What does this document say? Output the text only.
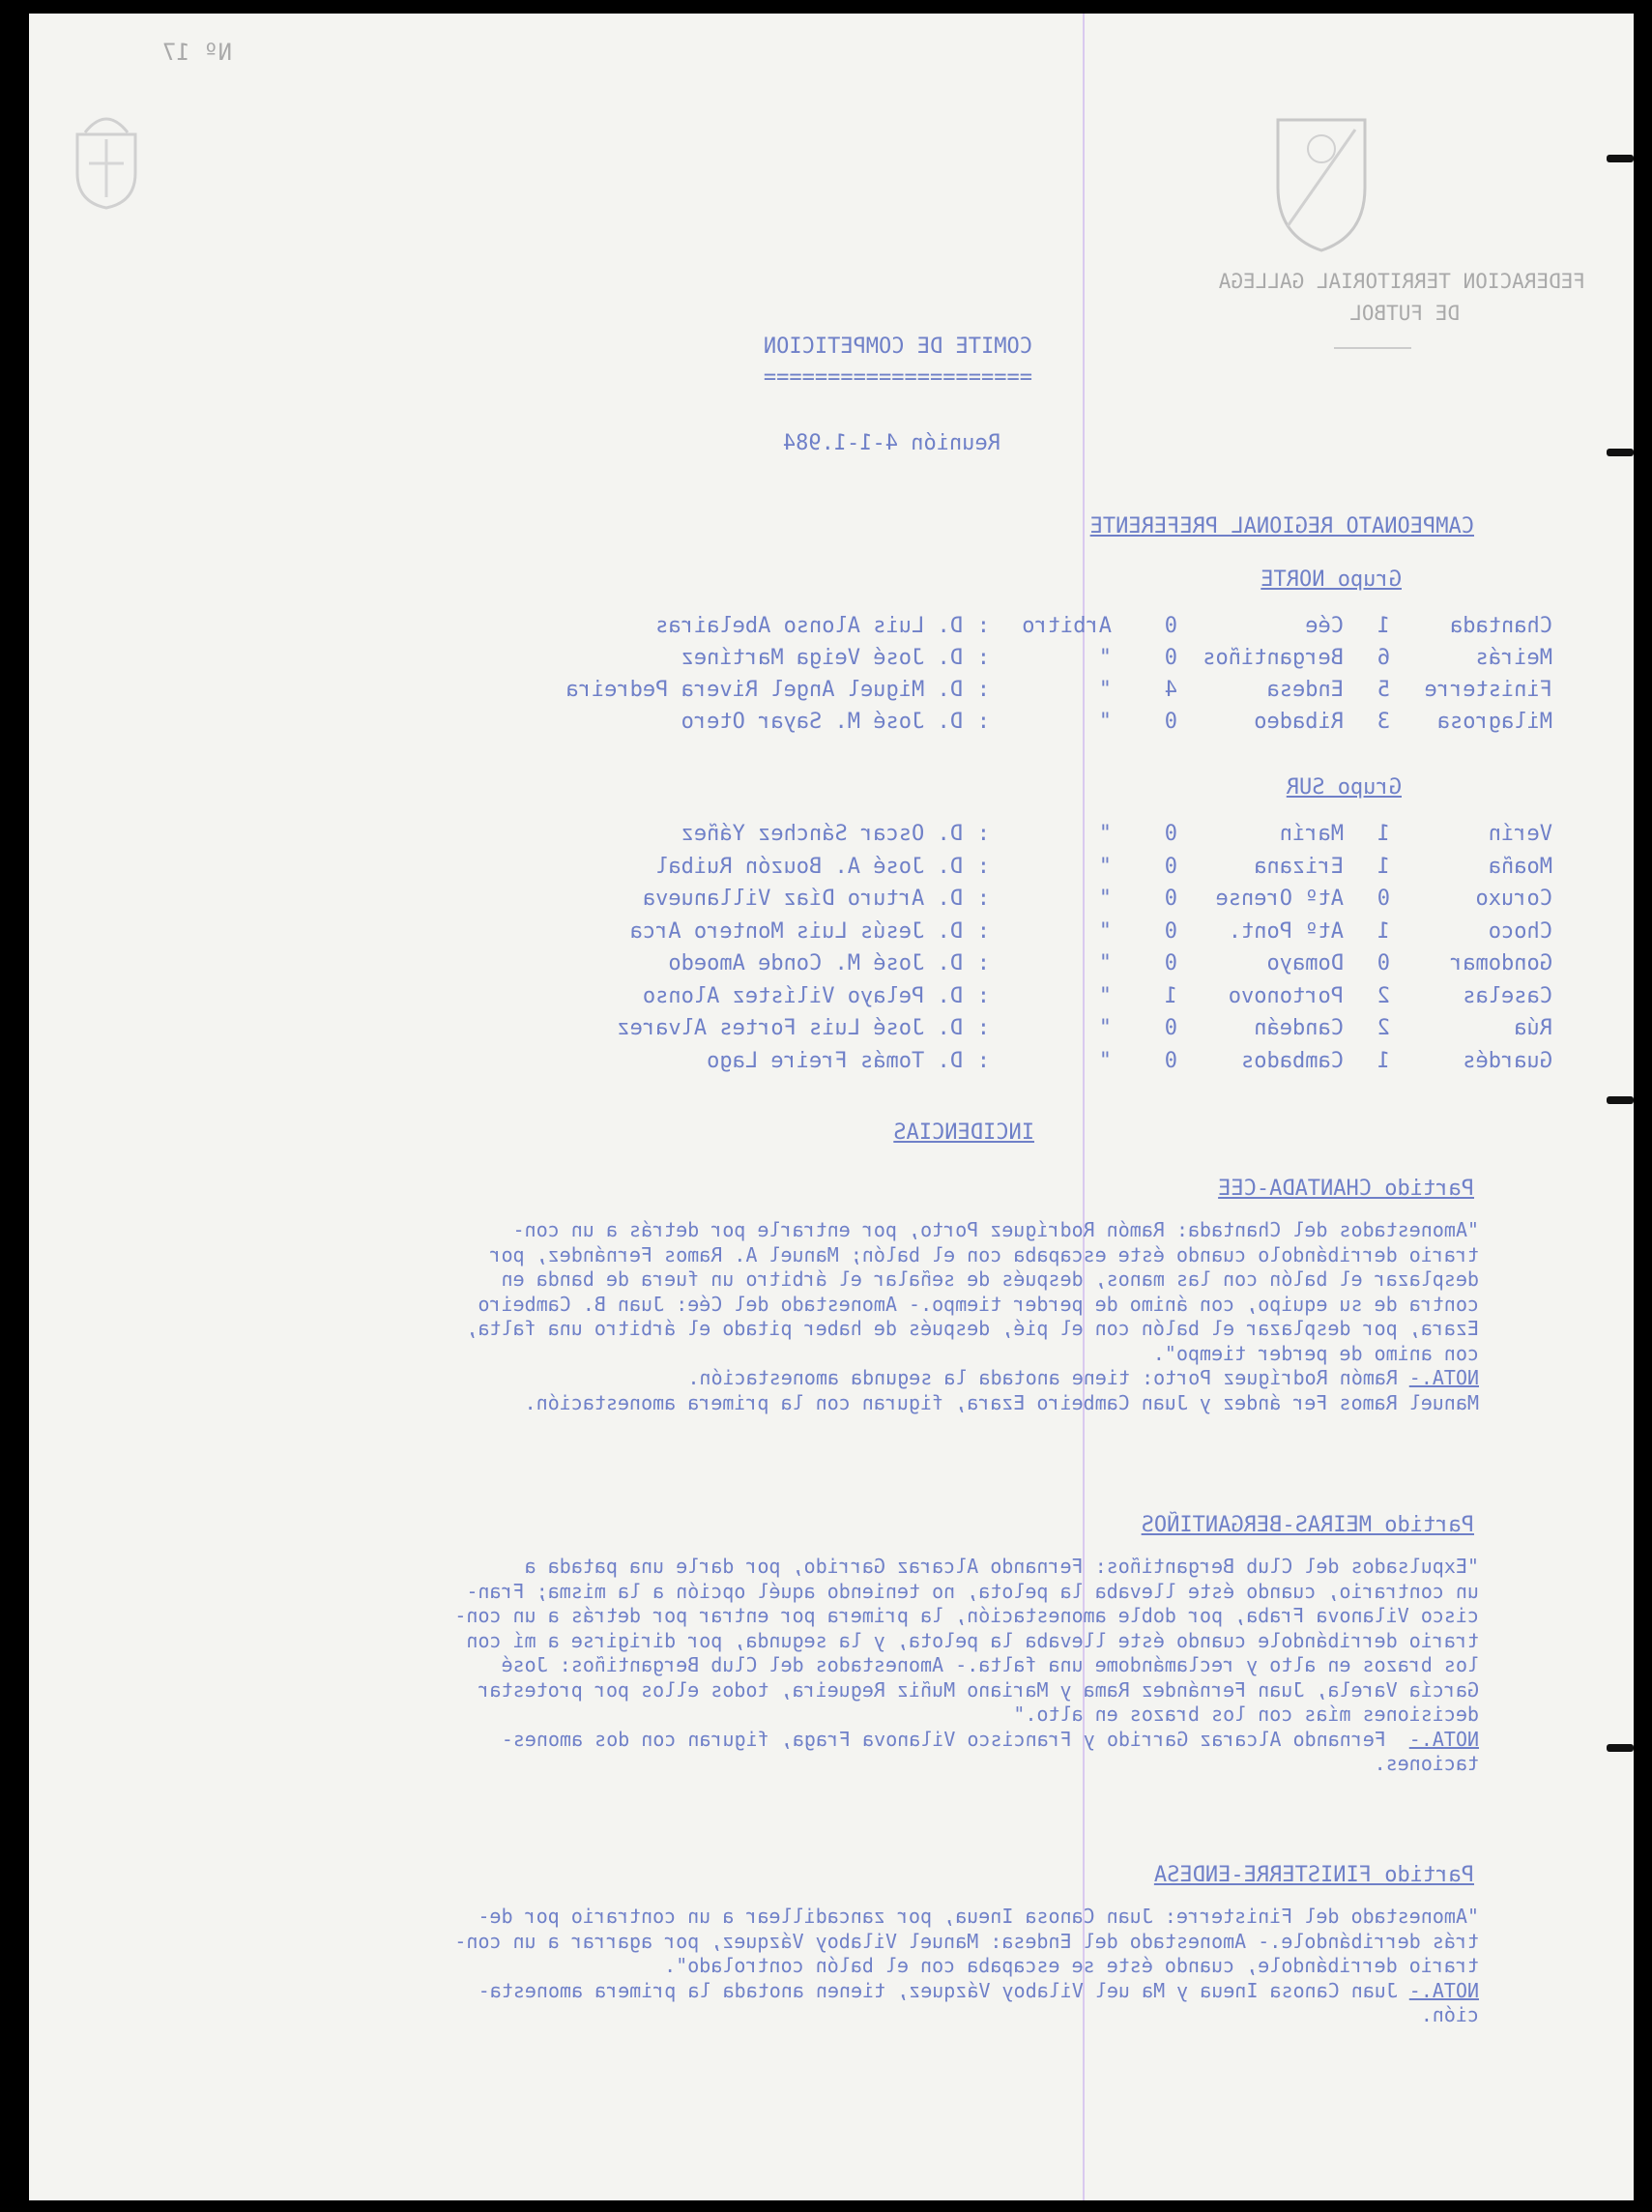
FEDERACION TERRITORIAL GALLEGA
DE FUTBOL
Nº 17
COMITE DE COMPETICION
=====================
Reunión 4-1-1.984
CAMPEONATO REGIONAL PREFERENTE
Grupo NORTE
Chantada
1
Cée
0
Arbitro
:
D. Luis Alonso Abelairas
Meirás
6
Bergantiños
0
"
:
D. José Veiga Martínez
Finisterre
5
Endesa
4
"
:
D. Miguel Angel Rivera Pedreira
Milagrosa
3
Ribadeo
0
"
:
D. José M. Sayar Otero
Grupo SUR
Verín
1
Marín
0
"
:
D. Oscar Sánchez Yáñez
Moaña
1
Erizana
0
"
:
D. José A. Bouzón Ruibal
Coruxo
0
Atº Orense
0
"
:
D. Arturo Díaz Villanueva
Choco
1
Atº Pont.
0
"
:
D. Jesús Luis Montero Arca
Gondomar
0
Domayo
0
"
:
D. José M. Conde Amoedo
Caselas
2
Portonovo
1
"
:
D. Pelayo Vilístez Alonso
Rúa
2
Candeán
0
"
:
D. José Luis Fortes Alvarez
Guardés
1
Cambados
0
"
:
D. Tomás Freire Lago
INCIDENCIAS
Partido CHANTADA-CEE
"Amonestados del Chantada: Ramón Rodríguez Porto, por entrarle por detrás a un con-
trario derribándolo cuando éste escapaba con el balón; Manuel A. Ramos Fernández, por
desplazar el balón con las manos, después de señalar el árbitro un fuera de banda en
contra de su equipo, con ánimo de perder tiempo.- Amonestado del Cée: Juan B. Cambeiro
Ezara, por desplazar el balón con el pié, después de haber pitado el árbitro una falta,
con animo de perder tiempo".
NOTA.-
Ramón Rodríguez Porto: tiene anotada la segunda amonestación.
Manuel Ramos Fer ández y Juan Cambeiro Ezara, figuran con la primera amonestación.
Partido MEIRAS-BERGANTIÑOS
"Expulsados del Club Bergantiños: Fernando Alcaraz Garrido, por darle una patada a
un contrario, cuando éste llevaba la pelota, no teniendo aquél opción a la misma; Fran-
cisco Vilanova Fraba, por doble amonestación, la primera por entrar por detrás a un con-
trario derribándole cuando éste llevaba la pelota, y la segunda, por dirigirse a mí con
los brazos en alto y reclamándome una falta.- Amonestados del Club Bergantiños: José
García Varela, Juan Fernández Rama y Mariano Muñiz Regueira, todos ellos por protestar
decisiones mías con los brazos en alto."
NOTA.-
Fernando Alcaraz Garrido y Francisco Vilanova Fraga, figuran con dos amones-
taciones.
Partido FINISTERRE-ENDESA
"Amonestado del Finisterre: Juan Canosa Ineua, por zancadillear a un contrario por de-
trás derribándole.- Amonestado del Endesa: Manuel Vilaboy Vázquez, por agarrar a un con-
trario derribándole, cuando éste se escapaba con el balón controlado".
NOTA.-
Juan Canosa Ineua y Ma uel Vilaboy Vázquez, tienen anotada la primera amonesta-
ción.
